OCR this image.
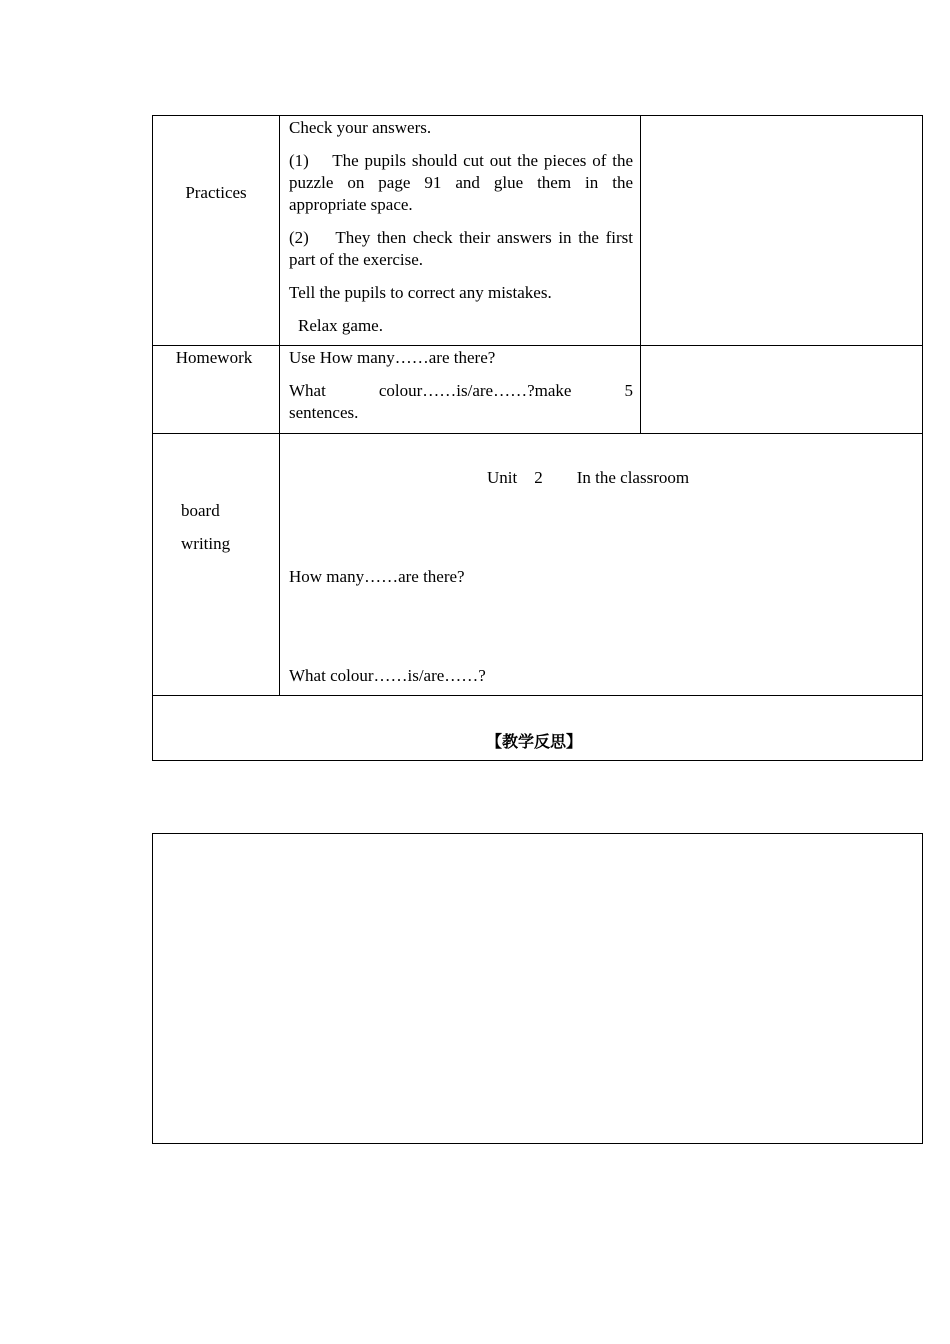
Practices
Check your answers.
(1)    The pupils should cut out the pieces of the puzzle on page 91 and glue them in the appropriate space.
(2)    They then check their answers in the first part of the exercise.
Tell the pupils to correct any mistakes.
Relax game.
Homework	Use How many……are there?
What colour……is/are……?make 5
sentences.
board
writing
Unit    2        In the classroom
How many……are there?
What colour……is/are……?
【教学反思】
